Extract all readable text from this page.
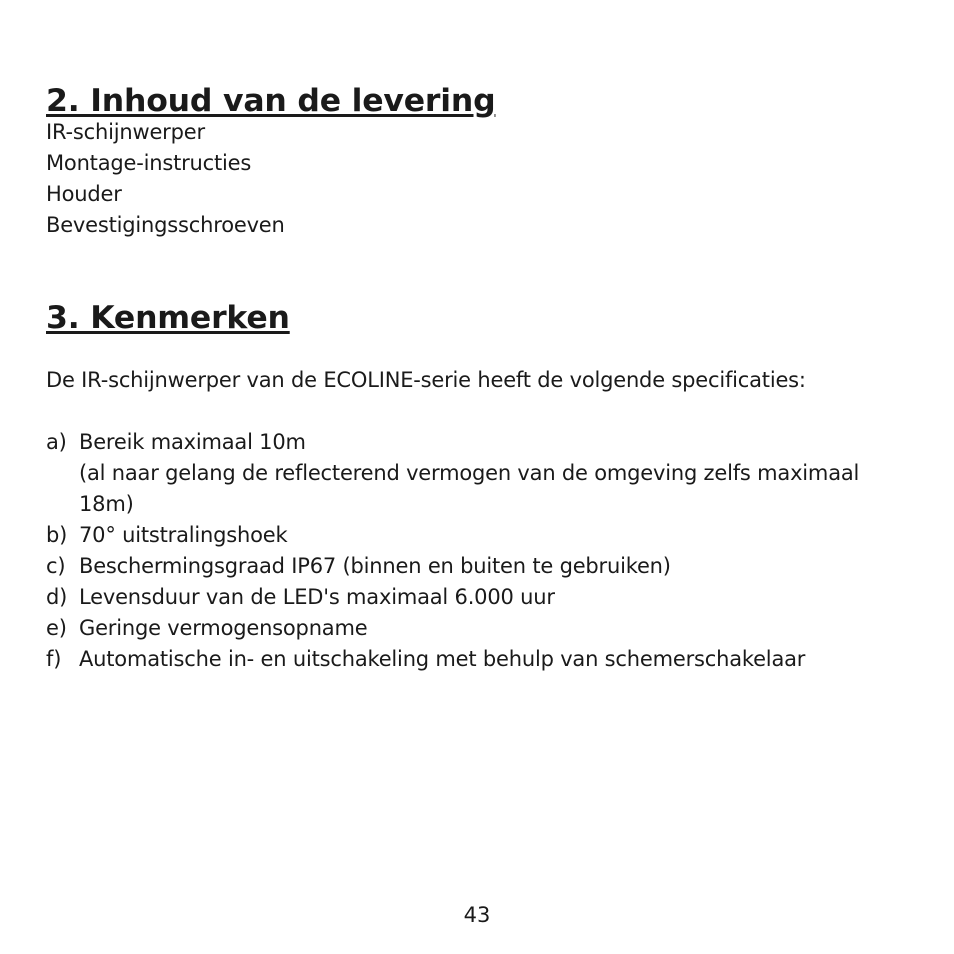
2. Inhoud van de levering

IR-schijnwerper

Montage-instructies

Houder

Bevestigingsschroeven

3. Kenmerken

De IR-schijnwerper van de ECOLINE-serie heeft de volgende specificaties:

a) Bereik maximaal 10m
(al naar gelang de reflecterend vermogen van de omgeving zelfs maximaal 18m)
b) 70° uitstralingshoek
c) Beschermingsgraad IP67 (binnen en buiten te gebruiken)
d) Levensduur van de LED's maximaal 6.000 uur
e) Geringe vermogensopname
f) Automatische in- en uitschakeling met behulp van schemerschakelaar
43
